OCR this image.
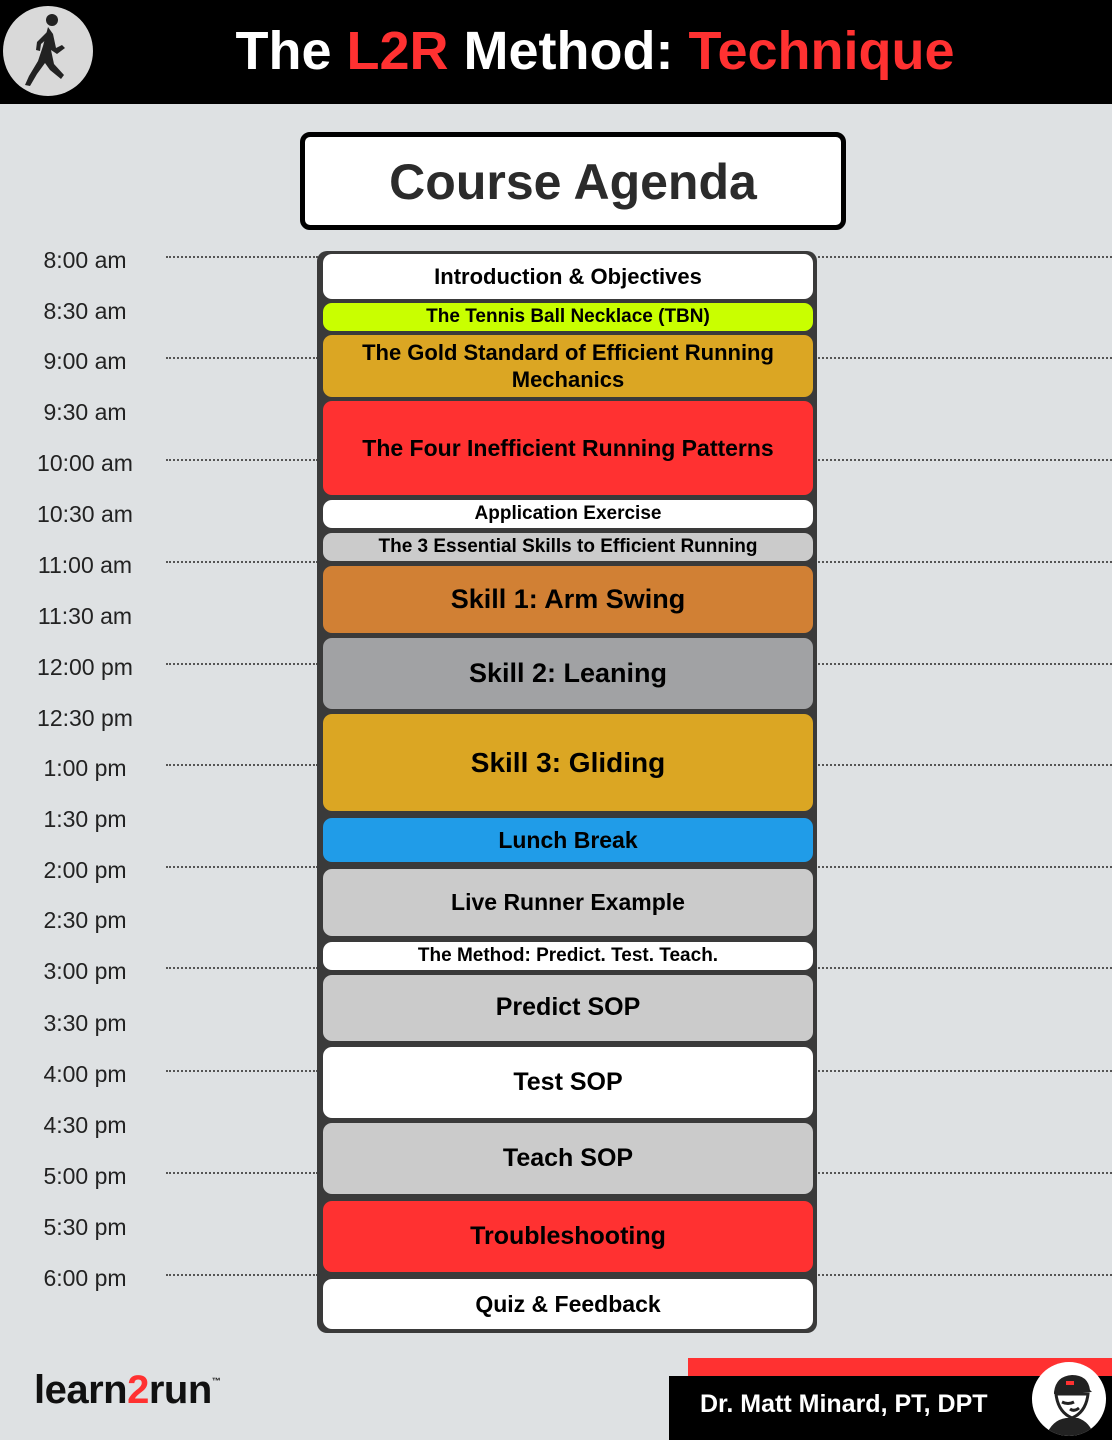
The L2R Method: Technique
Course Agenda
8:00 am
8:30 am
9:00 am
9:30 am
10:00 am
10:30 am
11:00 am
11:30 am
12:00 pm
12:30 pm
1:00 pm
1:30 pm
2:00 pm
2:30 pm
3:00 pm
3:30 pm
4:00 pm
4:30 pm
5:00 pm
5:30 pm
6:00 pm
Introduction & Objectives
The Tennis Ball Necklace (TBN)
The Gold Standard of Efficient Running Mechanics
The Four Inefficient Running Patterns
Application Exercise
The 3 Essential Skills to Efficient Running
Skill 1: Arm Swing
Skill 2: Leaning
Skill 3: Gliding
Lunch Break
Live Runner Example
The Method: Predict. Test. Teach.
Predict SOP
Test SOP
Teach SOP
Troubleshooting
Quiz & Feedback
learn2run™
Dr. Matt Minard, PT, DPT
